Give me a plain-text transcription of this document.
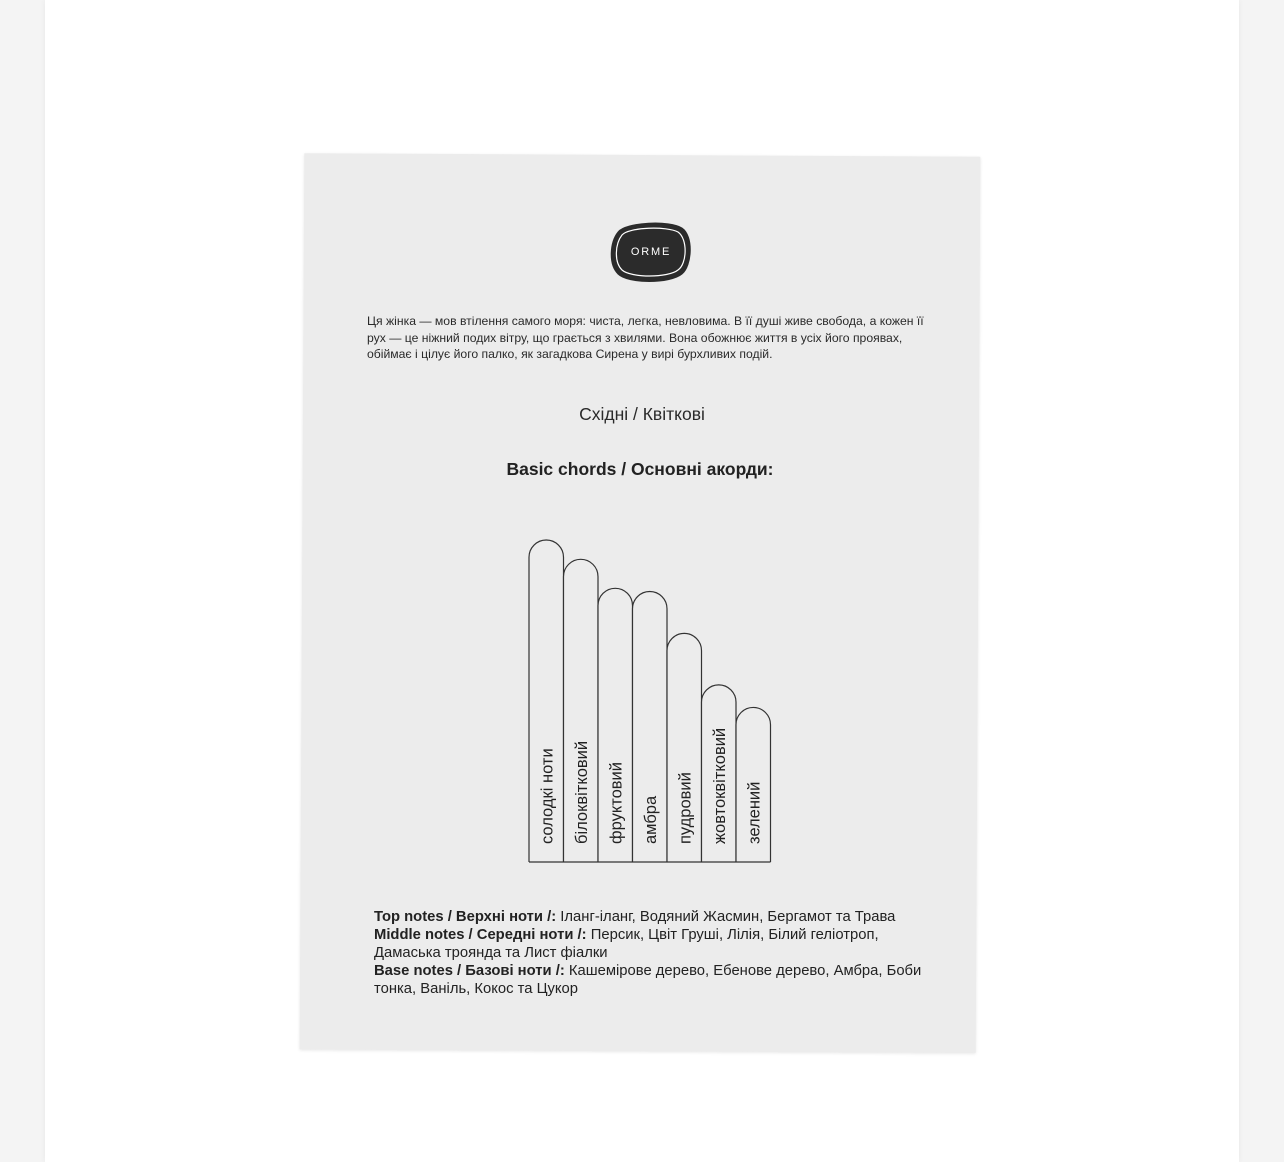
ORME
Ця жінка — мов втілення самого моря: чиста, легка, невловима. В її душі живе свобода, а кожен її рух — це ніжний подих вітру, що грається з хвилями. Вона обожнює життя в усіх його проявах, обіймає і цілує його палко, як загадкова Сирена у вирі бурхливих подій.
Східні / Квіткові
Basic chords / Основні акорди:
солодкі ноти білоквітковий фруктовий амбра пудровий жовтоквітковий зелений

Top notes / Верхні ноти /: Іланг-іланг, Водяний Жасмин, Бергамот та Трава

Middle notes / Середні ноти /: Персик, Цвіт Груші, Лілія, Білий геліотроп, Дамаська троянда та Лист фіалки

Base notes / Базові ноти /: Кашемірове дерево, Ебенове дерево, Амбра, Боби тонка, Ваніль, Кокос та Цукор
